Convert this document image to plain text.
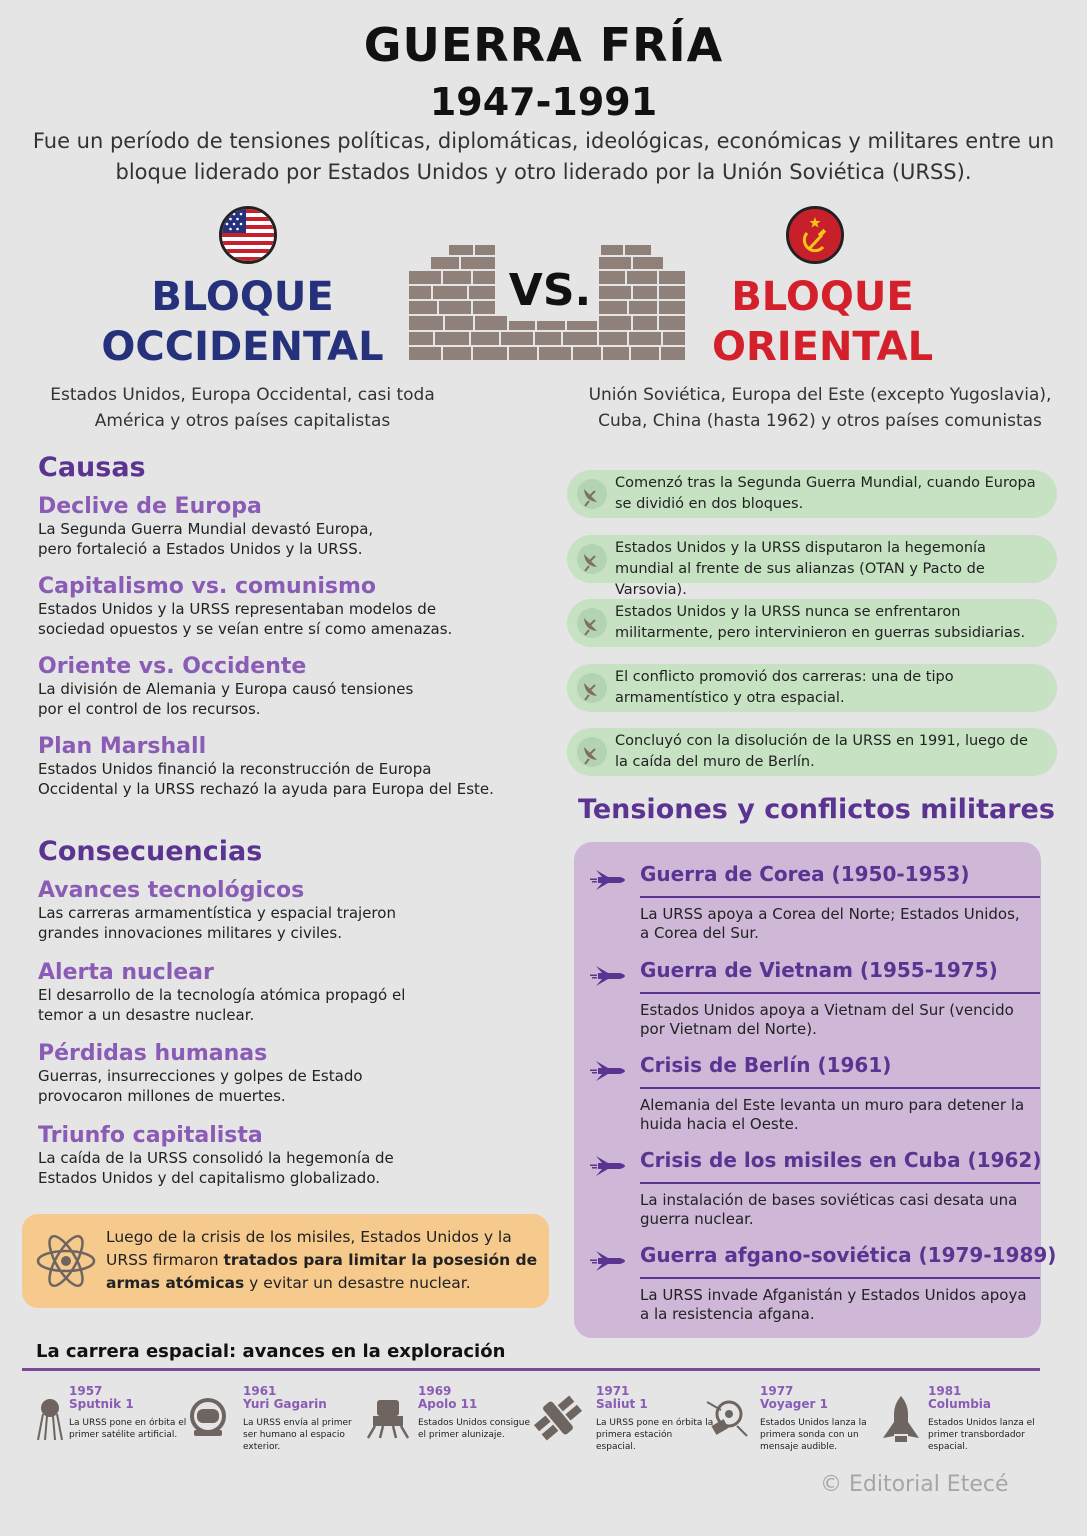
GUERRA FRÍA
1947-1991
Fue un período de tensiones políticas, diplomáticas, ideológicas, económicas y militares entre un bloque liderado por Estados Unidos y otro liderado por la Unión Soviética (URSS).
BLOQUE
OCCIDENTAL
BLOQUE
ORIENTAL
VS.
Estados Unidos, Europa Occidental, casi toda América y otros países capitalistas
Unión Soviética, Europa del Este (excepto Yugoslavia), Cuba, China (hasta 1962) y otros países comunistas
Causas
Declive de Europa
La Segunda Guerra Mundial devastó Europa, pero fortaleció a Estados Unidos y la URSS.
Capitalismo vs. comunismo
Estados Unidos y la URSS representaban modelos de sociedad opuestos y se veían entre sí como amenazas.
Oriente vs. Occidente
La división de Alemania y Europa causó tensiones por el control de los recursos.
Plan Marshall
Estados Unidos financió la reconstrucción de Europa Occidental y la URSS rechazó la ayuda para Europa del Este.
Consecuencias
Avances tecnológicos
Las carreras armamentística y espacial trajeron grandes innovaciones militares y civiles.
Alerta nuclear
El desarrollo de la tecnología atómica propagó el temor a un desastre nuclear.
Pérdidas humanas
Guerras, insurrecciones y golpes de Estado provocaron millones de muertes.
Triunfo capitalista
La caída de la URSS consolidó la hegemonía de Estados Unidos y del capitalismo globalizado.
Comenzó tras la Segunda Guerra Mundial, cuando Europa se dividió en dos bloques.
Estados Unidos y la URSS disputaron la hegemonía mundial al frente de sus alianzas (OTAN y Pacto de Varsovia).
Estados Unidos y la URSS nunca se enfrentaron militarmente, pero intervinieron en guerras subsidiarias.
El conflicto promovió dos carreras: una de tipo armamentístico y otra espacial.
Concluyó con la disolución de la URSS en 1991, luego de la caída del muro de Berlín.
Tensiones y conflictos militares
Guerra de Corea (1950-1953)
La URSS apoya a Corea del Norte; Estados Unidos, a Corea del Sur.
Guerra de Vietnam (1955-1975)
Estados Unidos apoya a Vietnam del Sur (vencido por Vietnam del Norte).
Crisis de Berlín (1961)
Alemania del Este levanta un muro para detener la huida hacia el Oeste.
Crisis de los misiles en Cuba (1962)
La instalación de bases soviéticas casi desata una guerra nuclear.
Guerra afgano-soviética (1979-1989)
La URSS invade Afganistán y Estados Unidos apoya a la resistencia afgana.
Luego de la crisis de los misiles, Estados Unidos y la URSS firmaron tratados para limitar la posesión de armas atómicas y evitar un desastre nuclear.
La carrera espacial: avances en la exploración
1957
Sputnik 1
La URSS pone en órbita el primer satélite artificial.
1961
Yuri Gagarin
La URSS envía al primer ser humano al espacio exterior.
1969
Apolo 11
Estados Unidos consigue el primer alunizaje.
1971
Saliut 1
La URSS pone en órbita la primera estación espacial.
1977
Voyager 1
Estados Unidos lanza la primera sonda con un mensaje audible.
1981
Columbia
Estados Unidos lanza el primer transbordador espacial.
© Editorial Etecé
